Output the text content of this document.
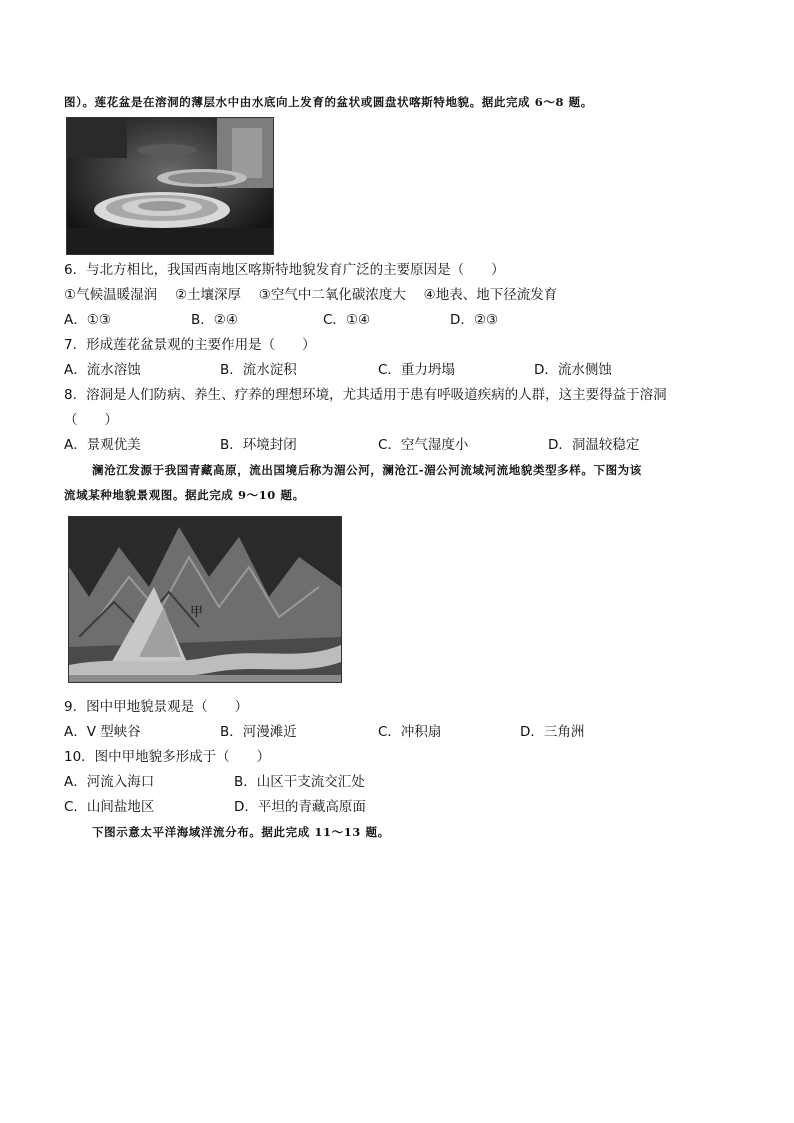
图）。莲花盆是在溶洞的薄层水中由水底向上发育的盆状或圆盘状喀斯特地貌。据此完成 6～8 题。
6．与北方相比，我国西南地区喀斯特地貌发育广泛的主要原因是（　　）
①气候温暖湿润　 ②土壤深厚　 ③空气中二氧化碳浓度大　 ④地表、地下径流发育
A．①③	B．②④	C．①④	D．②③
7．形成莲花盆景观的主要作用是（　　）
A．流水溶蚀	B．流水淀积	C．重力坍塌	D．流水侧蚀
8．溶洞是人们防病、养生、疗养的理想环境，尤其适用于患有呼吸道疾病的人群，这主要得益于溶洞
（　　）
A．景观优美	B．环境封闭	C．空气湿度小	D．洞温较稳定
澜沧江发源于我国青藏高原，流出国境后称为湄公河，澜沧江-湄公河流域河流地貌类型多样。下图为该
流域某种地貌景观图。据此完成 9～10 题。
甲
9．图中甲地貌景观是（　　）
A．V 型峡谷	B．河漫滩近	C．冲积扇	D．三角洲
10．图中甲地貌多形成于（　　）
A．河流入海口	B．山区干支流交汇处
C．山间盐地区	D．平坦的青藏高原面
下图示意太平洋海域洋流分布。据此完成 11～13 题。
